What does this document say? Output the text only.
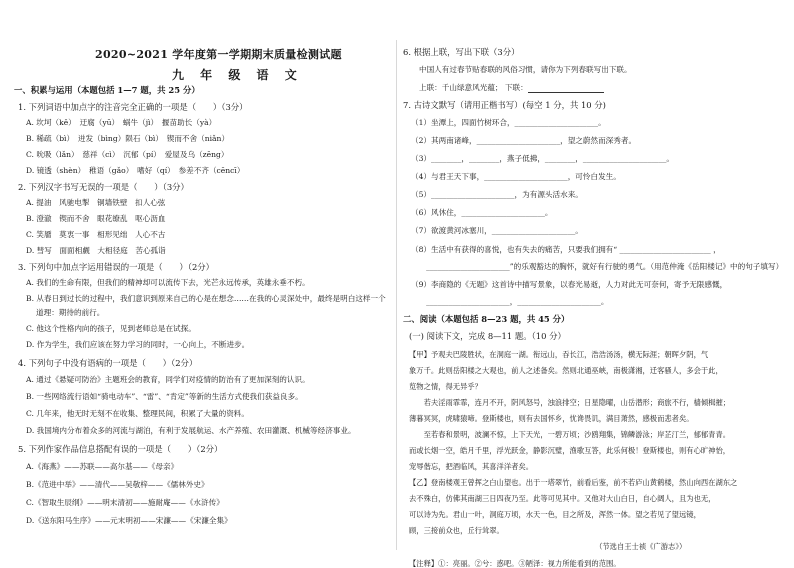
2020~2021 学年度第一学期期末质量检测试题
九 年 级 语 文
一、积累与运用（本题包括 1—7 题，共 25 分）
1. 下列词语中加点字的注音完全正确的一项是（　　）（3分）
A. 坎坷（kě）　迂腐（yū）　蜗牛（jì）　揠苗助长（yà）
B. 稀疏（bì）　迸发（bìng）陨石（bì）　锲而不舍（niǎn）
C. 吮吸（lǎn）　慈祥（cì）　沉郁（pí）　爱屋及乌（zēng）
D. 镜透（shèn）　稚语（gǎo）　嗜好（qí）　参差不齐（cēncī）
2. 下列汉字书写无误的一项是（　　）（3分）
A. 提油　风驰电掣　铜墙铁壁　扣人心弦
B. 澄澈　锲而不舍　眼花缭乱　呕心沥血
C. 笑靥　莫衷一事　相形见绌　人心不古
D. 彗写　面面相觑　大相径庭　苦心孤诣
3. 下列句中加点字运用错误的一项是（　　）（2分）
A. 我们的生命有限，但我们的精神却可以流传下去，光芒永远传承，英雄永垂不朽。
B. 从春日到过长的过程中，我们意识到原来自己的心是在想念……在我的心灵深处中，最终是明白这样一个
　 道理：期待的前行。
C. 他这个性格内向的孩子，见到老师总是在试探。
D. 作为学生，我们应该在努力学习的同时，一心向上，不断进步。
4. 下列句子中没有语病的一项是（　　）（2分）
A. 通过《悬疑可防治》主题班会的教育，同学们对疫情的防治有了更加深刻的认识。
B. 一些网络流行语如“骑电动车”、“雷”、“肯定”等新的生活方式使我们获益良多。
C. 几年来，他无时无刻不在收集、整理民间，积累了大量的资料。
D. 我国境内分布着众多的河流与湖泊，有利于发展航运、水产养殖、农田灌溉、机械等经济事业。
5. 下列作家作品信息搭配有误的一项是（　　）（2分）
A.《海燕》——苏联——高尔基——《母亲》
B.《范进中举》——清代——吴敬梓——《儒林外史》
C.《智取生辰纲》——明末清初——施耐庵——《水浒传》
D.《送东阳马生序》——元末明初——宋濂——《宋濂全集》
6. 根据上联，写出下联（3分）
中国人有过春节贴春联的风俗习惯，请你为下列春联写出下联。
上联：千山绿意风光蕴； 下联：　　　　　　　　　　
7. 古诗文默写（请用正楷书写）(每空 1 分，共 10 分)
（1）坐潭上，四面竹树环合，______________________。
（2）其两南诸峰，______________________，望之蔚然而深秀者。
（3）________，________，燕子低拂，________，______________________。
（4）与君王天下事，______________________，可怜白发生。
（5）______________________，为有源头活水来。
（6）风休住，______________________。
（7）欲渡黄河冰塞川，______________________。
（8）生活中有获得的喜悦，也有失去的痛苦，只要我们拥有“ ________________________ ，
　　______________________”的乐观豁达的胸怀，就好有行驶的勇气。（用范仲淹《岳阳楼记》中的句子填写）
（9）李商隐的《无题》这首诗中描写景象，以春光易逝，人力对此无可奈何，寄予无限感慨，
　　______________________，______________________。
二、阅读（本题包括 8—23 题，共 45 分）
(一) 阅读下文，完成 8—11 题。（10 分）
【甲】予观夫巴陵胜状，在洞庭一湖。衔远山，吞长江，浩浩汤汤，横无际涯；朝晖夕阴，气
象万千。此则岳阳楼之大观也，前人之述备矣。然则北通巫峡，南极潇湘，迁客骚人，多会于此，
览物之情，得无异乎？
　　若夫淫雨霏霏，连月不开，阴风怒号，浊浪排空；日星隐曜，山岳潜形；商旅不行，樯倾楫摧；
薄暮冥冥，虎啸猿啼。登斯楼也，则有去国怀乡，忧谗畏讥，满目萧然，感极而悲者矣。
　　至若春和景明，波澜不惊，上下天光，一碧万顷；沙鸥翔集，锦鳞游泳；岸芷汀兰，郁郁青青。
而或长烟一空，皓月千里，浮光跃金，静影沉璧，渔歌互答，此乐何极！登斯楼也，则有心旷神怡，
宠辱偕忘，把酒临风，其喜洋洋者矣。
【乙】登南楼观王曾挥之白山望也。出于一塔翠竹，前看后鉴，前不若庐山黄鹤楼，然山向西在湖东之
去不殊白，仿佛其南湖三日四夜乃至。此等可见其中。又他对大山白日，自心阔人，且为也无，
可以诗为先。君山一叶，洞庭万顷，水天一色，目之所及，浑然一体。望之若见了望远镜，
顾，三接前众也，丘行耸翠。
　　　　　　　　　　　　　　　　　　　　　　　　　　（节选自王士祯《广游志》）
【注释】①：亮丽。②兮：惑吧。③陋泽：视力所能看到的范围。
